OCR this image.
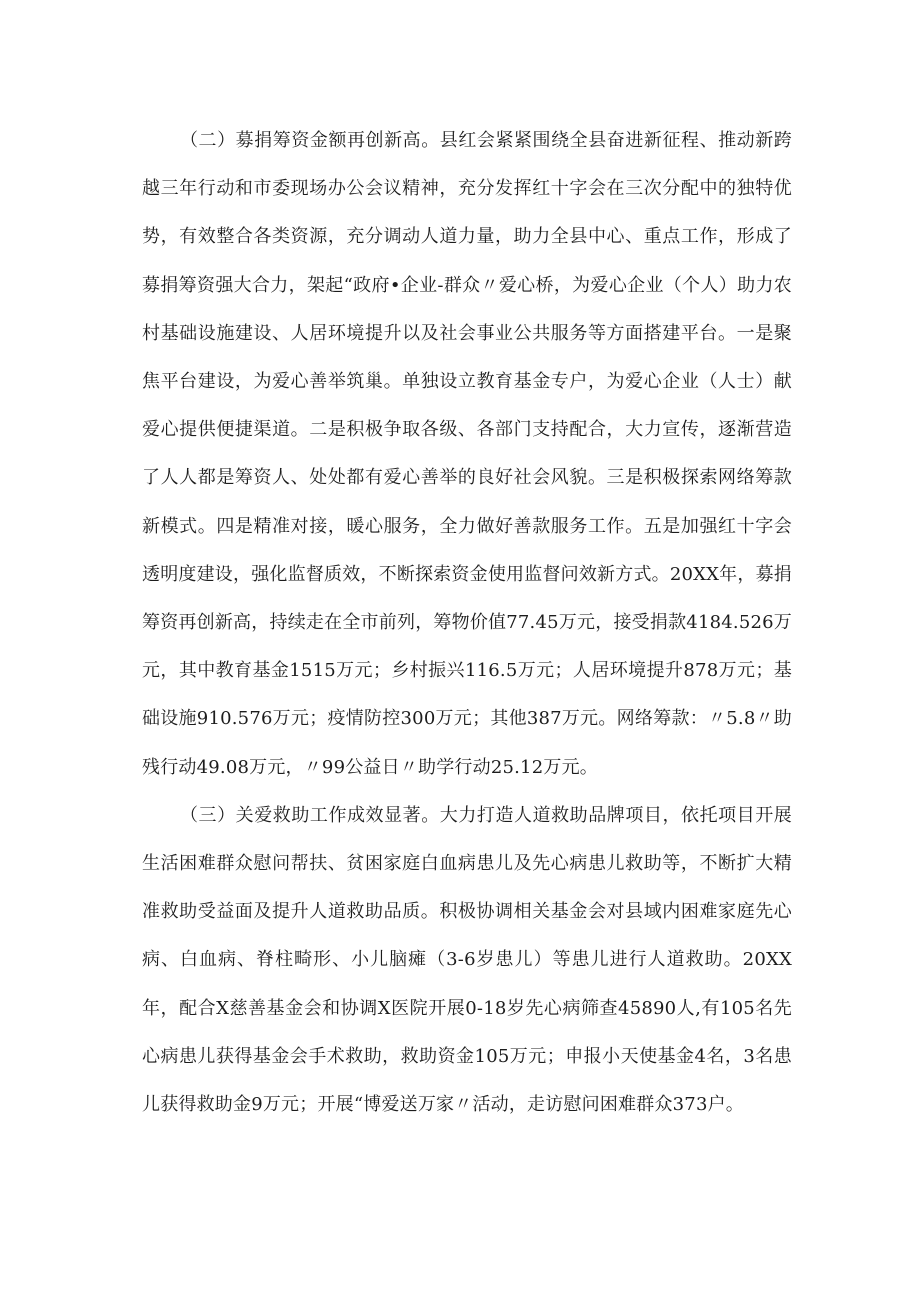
（二）募捐筹资金额再创新高。县红会紧紧围绕全县奋进新征程、推动新跨越三年行动和市委现场办公会议精神，充分发挥红十字会在三次分配中的独特优势，有效整合各类资源，充分调动人道力量，助力全县中心、重点工作，形成了募捐筹资强大合力，架起“政府•企业-群众〃爱心桥，为爱心企业（个人）助力农村基础设施建设、人居环境提升以及社会事业公共服务等方面搭建平台。一是聚焦平台建设，为爱心善举筑巢。单独设立教育基金专户，为爱心企业（人士）献爱心提供便捷渠道。二是积极争取各级、各部门支持配合，大力宣传，逐渐营造了人人都是筹资人、处处都有爱心善举的良好社会风貌。三是积极探索网络筹款新模式。四是精准对接，暖心服务，全力做好善款服务工作。五是加强红十字会透明度建设，强化监督质效，不断探索资金使用监督问效新方式。20XX年，募捐筹资再创新高，持续走在全市前列，筹物价值77.45万元，接受捐款4184.526万元，其中教育基金1515万元；乡村振兴116.5万元；人居环境提升878万元；基础设施910.576万元；疫情防控300万元；其他387万元。网络筹款：〃5.8〃助残行动49.08万元，〃99公益日〃助学行动25.12万元。

（三）关爱救助工作成效显著。大力打造人道救助品牌项目，依托项目开展生活困难群众慰问帮扶、贫困家庭白血病患儿及先心病患儿救助等，不断扩大精准救助受益面及提升人道救助品质。积极协调相关基金会对县域内困难家庭先心病、白血病、脊柱畸形、小儿脑瘫（3-6岁患儿）等患儿进行人道救助。20XX年，配合X慈善基金会和协调X医院开展0-18岁先心病筛查45890人,有105名先心病患儿获得基金会手术救助，救助资金105万元；申报小天使基金4名，3名患儿获得救助金9万元；开展“博爱送万家〃活动，走访慰问困难群众373户。
